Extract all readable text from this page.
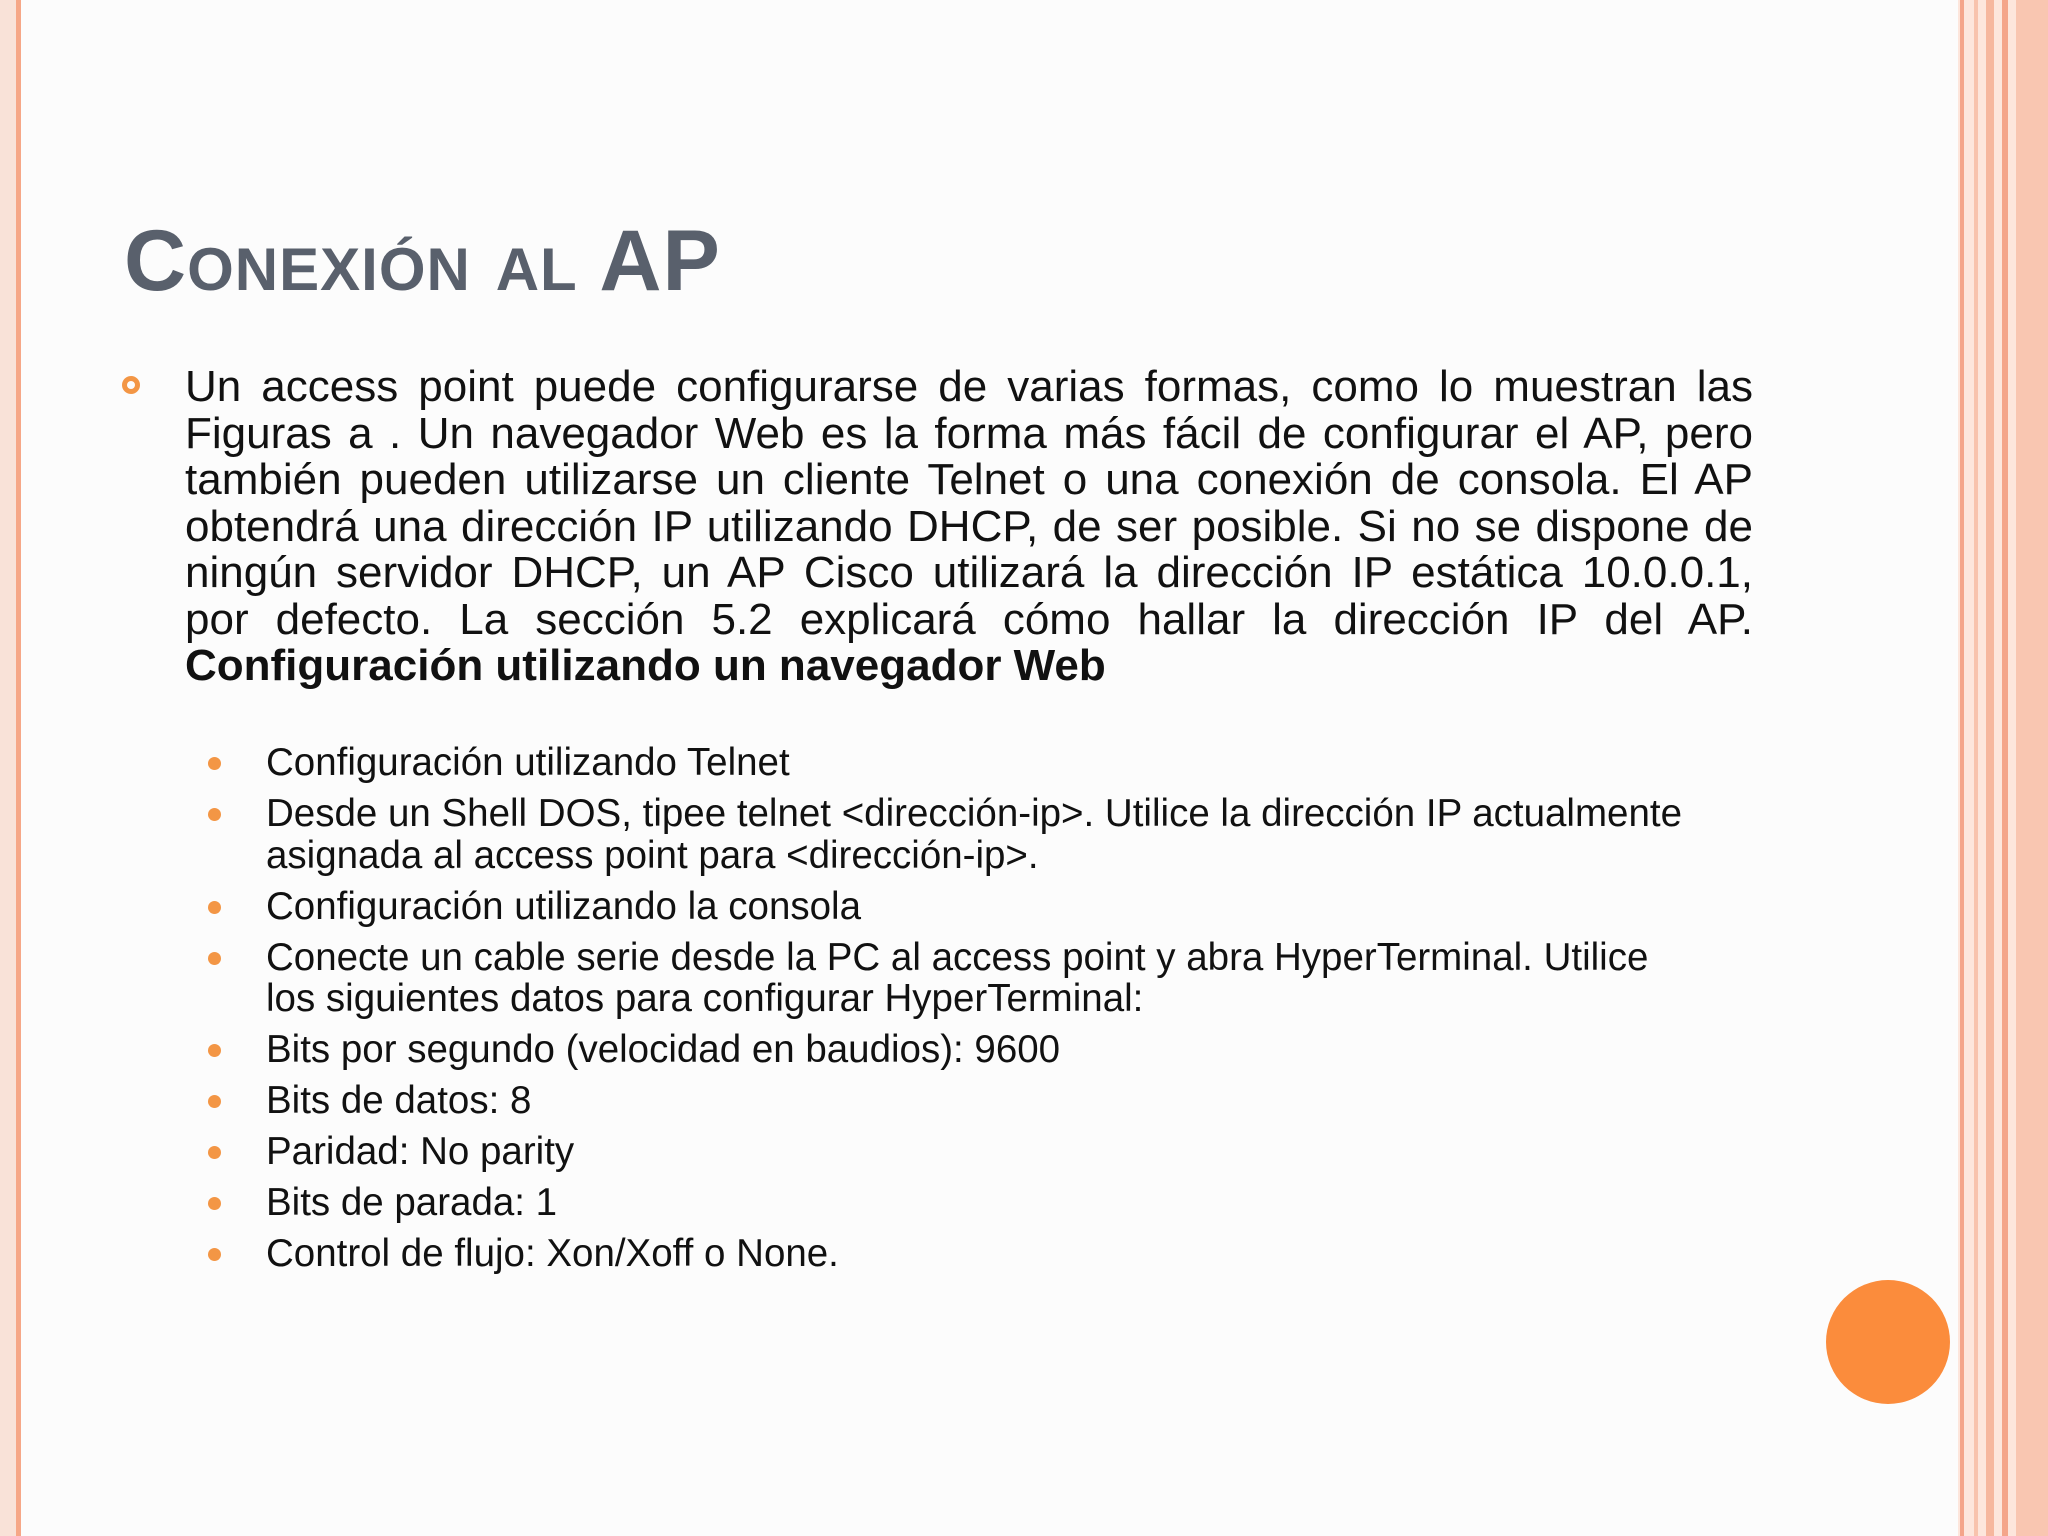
Conexión al AP
Un access point puede configurarse de varias formas, como lo muestran las Figuras a . Un navegador Web es la forma más fácil de configurar el AP, pero también pueden utilizarse un cliente Telnet o una conexión de consola. El AP obtendrá una dirección IP utilizando DHCP, de ser posible. Si no se dispone de ningún servidor DHCP, un AP Cisco utilizará la dirección IP estática 10.0.0.1, por defecto. La sección 5.2 explicará cómo hallar la dirección IP del AP. Configuración utilizando un navegador Web
Configuración utilizando Telnet
Desde un Shell DOS, tipee telnet <dirección-ip>. Utilice la dirección IP actualmente asignada al access point para <dirección-ip>.
Configuración utilizando la consola
Conecte un cable serie desde la PC al access point y abra HyperTerminal. Utilice los siguientes datos para configurar HyperTerminal:
Bits por segundo (velocidad en baudios): 9600
Bits de datos: 8
Paridad: No parity
Bits de parada: 1
Control de flujo: Xon/Xoff o None.
